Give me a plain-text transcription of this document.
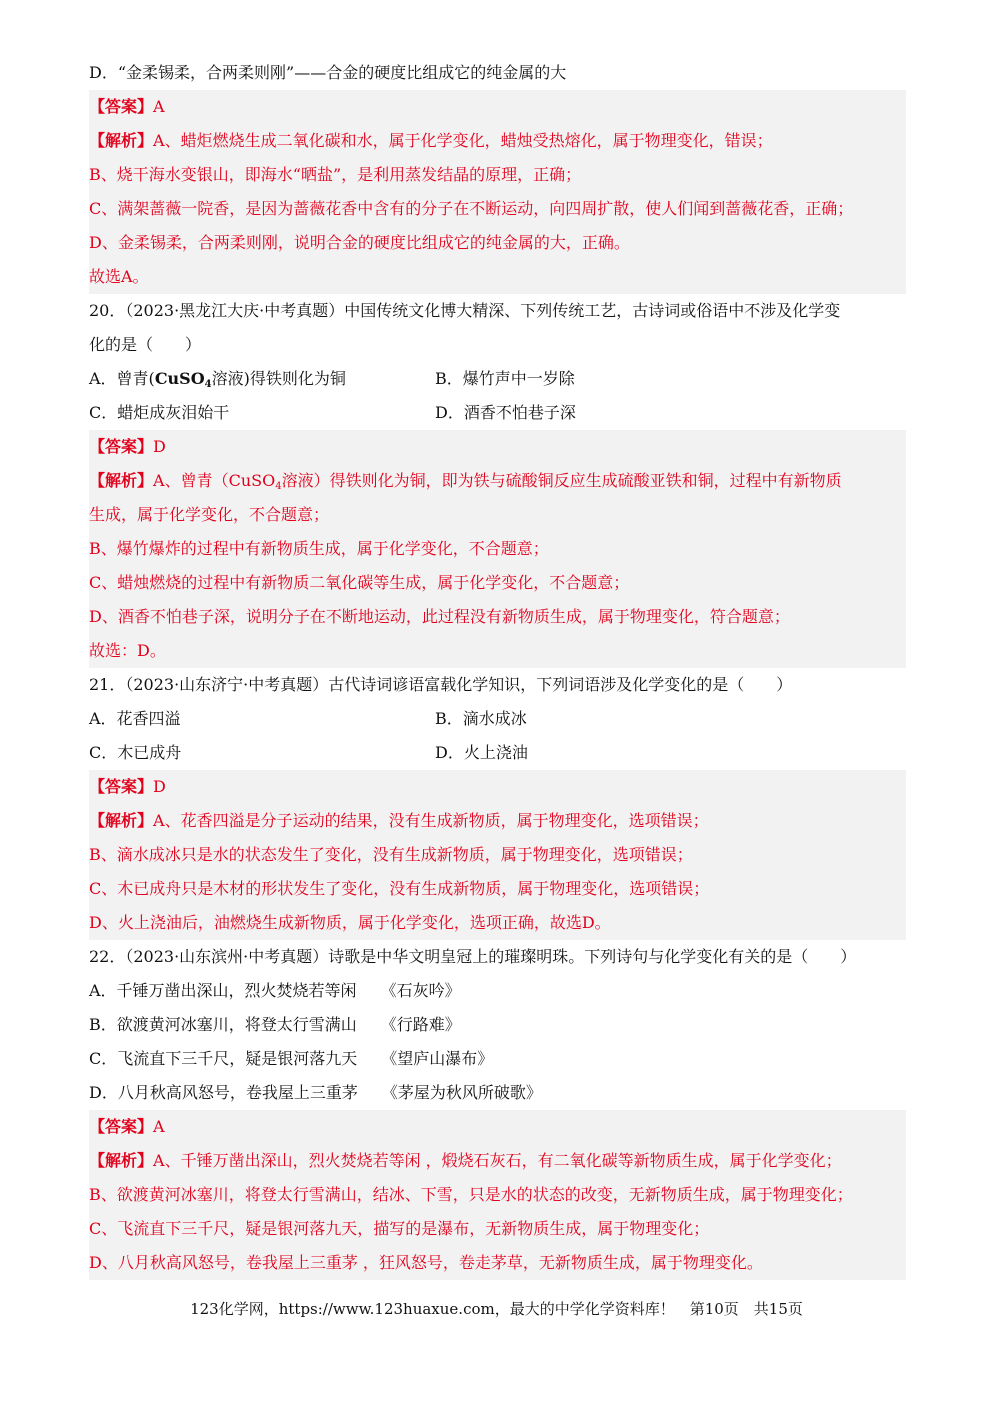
D．“金柔锡柔，合两柔则刚”——合金的硬度比组成它的纯金属的大
【答案】A
【解析】A、蜡炬燃烧生成二氧化碳和水，属于化学变化，蜡烛受热熔化，属于物理变化，错误；
B、烧干海水变银山，即海水“晒盐”，是利用蒸发结晶的原理，正确；
C、满架蔷薇一院香，是因为蔷薇花香中含有的分子在不断运动，向四周扩散，使人们闻到蔷薇花香，正确；
D、金柔锡柔，合两柔则刚，说明合金的硬度比组成它的纯金属的大，正确。
故选A。
20．（2023·黑龙江大庆·中考真题）中国传统文化博大精深、下列传统工艺，古诗词或俗语中不涉及化学变
化的是（　　）
A．曾青(CuSO$_4$溶液)得铁则化为铜	B．爆竹声中一岁除
C．蜡炬成灰泪始干	D．酒香不怕巷子深
【答案】D
【解析】A、曾青（CuSO$_4$溶液）得铁则化为铜，即为铁与硫酸铜反应生成硫酸亚铁和铜，过程中有新物质
生成，属于化学变化，不合题意；
B、爆竹爆炸的过程中有新物质生成，属于化学变化，不合题意；
C、蜡烛燃烧的过程中有新物质二氧化碳等生成，属于化学变化，不合题意；
D、酒香不怕巷子深，说明分子在不断地运动，此过程没有新物质生成，属于物理变化，符合题意；
故选：D。
21．（2023·山东济宁·中考真题）古代诗词谚语富载化学知识，下列词语涉及化学变化的是（　　）
A．花香四溢	B．滴水成冰
C．木已成舟	D．火上浇油
【答案】D
【解析】A、花香四溢是分子运动的结果，没有生成新物质，属于物理变化，选项错误；
B、滴水成冰只是水的状态发生了变化，没有生成新物质，属于物理变化，选项错误；
C、木已成舟只是木材的形状发生了变化，没有生成新物质，属于物理变化，选项错误；
D、火上浇油后，油燃烧生成新物质，属于化学变化，选项正确，故选D。
22．（2023·山东滨州·中考真题）诗歌是中华文明皇冠上的璀璨明珠。下列诗句与化学变化有关的是（　　）
A．千锤万凿出深山，烈火焚烧若等闲　　 《石灰吟》
B．欲渡黄河冰塞川，将登太行雪满山　　 《行路难》
C．飞流直下三千尺，疑是银河落九天　　 《望庐山瀑布》
D．八月秋高风怒号，卷我屋上三重茅　　 《茅屋为秋风所破歌》
【答案】A
【解析】A、千锤万凿出深山，烈火焚烧若等闲 ，煅烧石灰石，有二氧化碳等新物质生成，属于化学变化；
B、欲渡黄河冰塞川，将登太行雪满山，结冰、下雪，只是水的状态的改变，无新物质生成，属于物理变化；
C、飞流直下三千尺，疑是银河落九天，描写的是瀑布，无新物质生成，属于物理变化；
D、八月秋高风怒号，卷我屋上三重茅 ，狂风怒号，卷走茅草，无新物质生成，属于物理变化。
123化学网，https://www.123huaxue.com，最大的中学化学资料库！　第10页　共15页
